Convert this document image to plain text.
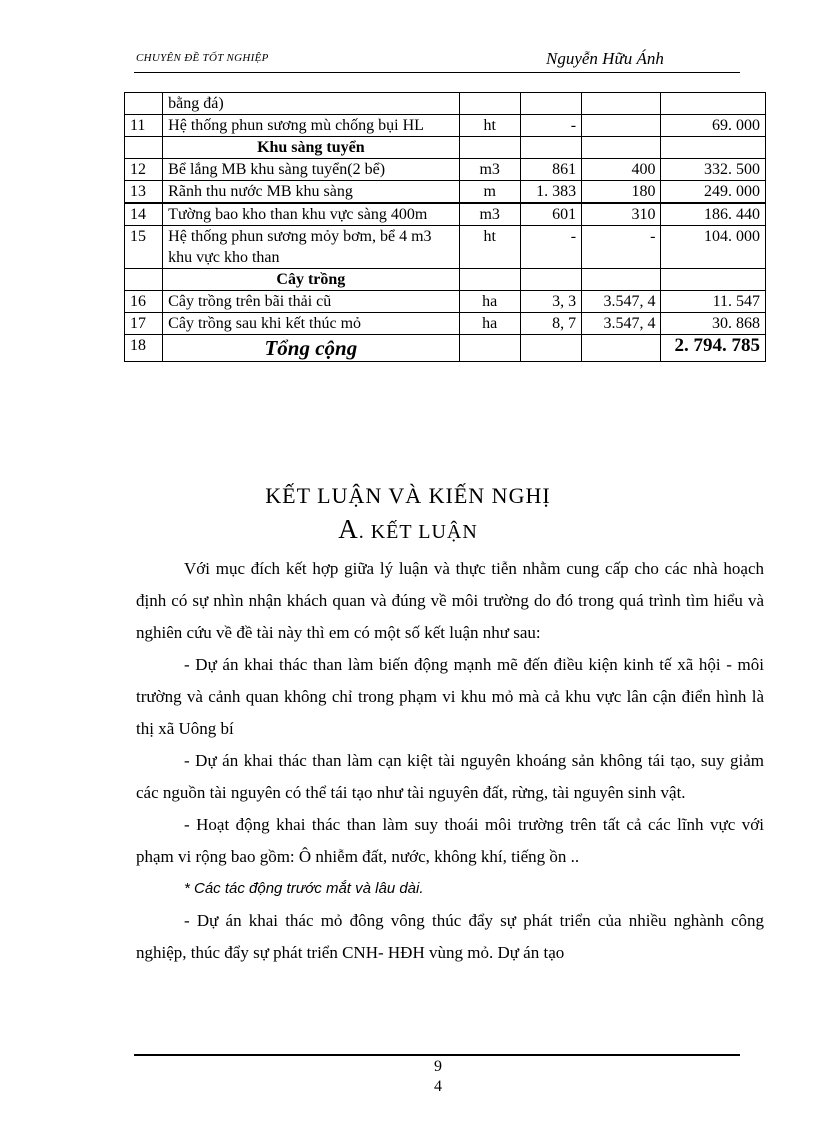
CHUYÊN ĐỀ TỐT NGHIỆP	Nguyễn Hữu Ánh
	bằng đá)				
11	Hệ thống phun sương mù chống bụi HL	ht	-		69. 000
	Khu sàng tuyển				
12	Bể lắng MB khu sàng tuyển(2 bể)	m3	861	400	332. 500
13	Rãnh thu nước MB khu sàng	m	1. 383	180	249. 000
14	Tường bao kho than khu vực sàng 400m	m3	601	310	186. 440
15	Hệ thống phun sương mỏy bơm, bể 4 m3 khu vực kho than	ht	-	-	104. 000
	Cây trồng				
16	Cây trồng trên bãi thải cũ	ha	3, 3	3.547, 4	11. 547
17	Cây trồng sau khi kết thúc mỏ	ha	8, 7	3.547, 4	30. 868
18	Tổng cộng				2. 794. 785
KẾT LUẬN VÀ KIẾN NGHỊ
A. KẾT LUẬN

Với mục đích kết hợp giữa lý luận và thực tiễn nhằm cung cấp cho các nhà hoạch định có sự nhìn nhận khách quan và đúng về môi trường do đó trong quá trình tìm hiểu và nghiên cứu về đề tài này thì em có một số kết luận như sau:

- Dự án khai thác than làm biến động mạnh mẽ đến điều kiện kinh tế xã hội - môi trường và cảnh quan không chỉ trong phạm vi khu mỏ mà cả khu vực lân cận điển hình là thị xã Uông bí

- Dự án khai thác than làm cạn kiệt tài nguyên khoáng sản không tái tạo, suy giảm các nguồn tài nguyên có thể tái tạo như tài nguyên đất, rừng, tài nguyên sinh vật.

- Hoạt động khai thác than làm suy thoái môi trường trên tất cả các lĩnh vực với phạm vi rộng bao gồm: Ô nhiễm đất, nước, không khí, tiếng ồn ..

* Các tác động trước mắt và lâu dài.

- Dự án khai thác mỏ đông vông thúc đẩy sự phát triển của nhiều nghành công nghiệp, thúc đẩy sự phát triển CNH- HĐH vùng mỏ. Dự án tạo

9
4
